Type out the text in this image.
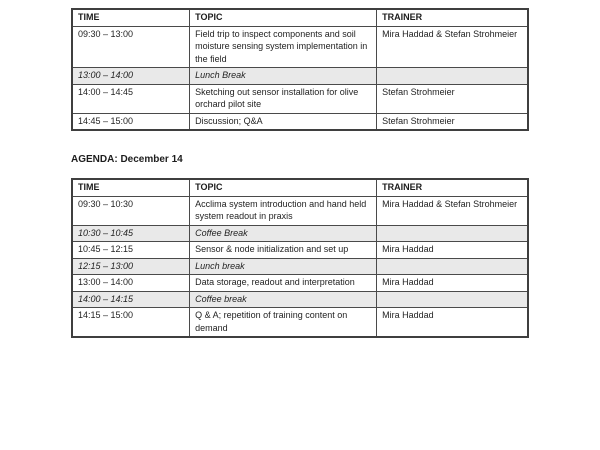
TIME	TOPIC	TRAINER
09:30 – 13:00	Field trip to inspect components and soil moisture sensing system implementation in the field	Mira Haddad & Stefan Strohmeier
13:00 – 14:00	Lunch Break	
14:00 – 14:45	Sketching out sensor installation for olive orchard pilot site	Stefan Strohmeier
14:45 – 15:00	Discussion; Q&A	Stefan Strohmeier
AGENDA: December 14
TIME	TOPIC	TRAINER
09:30 – 10:30	Acclima system introduction and hand held system readout in praxis	Mira Haddad & Stefan Strohmeier
10:30 – 10:45	Coffee Break	
10:45 – 12:15	Sensor & node initialization and set up	Mira Haddad
12:15 – 13:00	Lunch break	
13:00 – 14:00	Data storage, readout and interpretation	Mira Haddad
14:00 – 14:15	Coffee break	
14:15 – 15:00	Q & A; repetition of training content on demand	Mira Haddad
